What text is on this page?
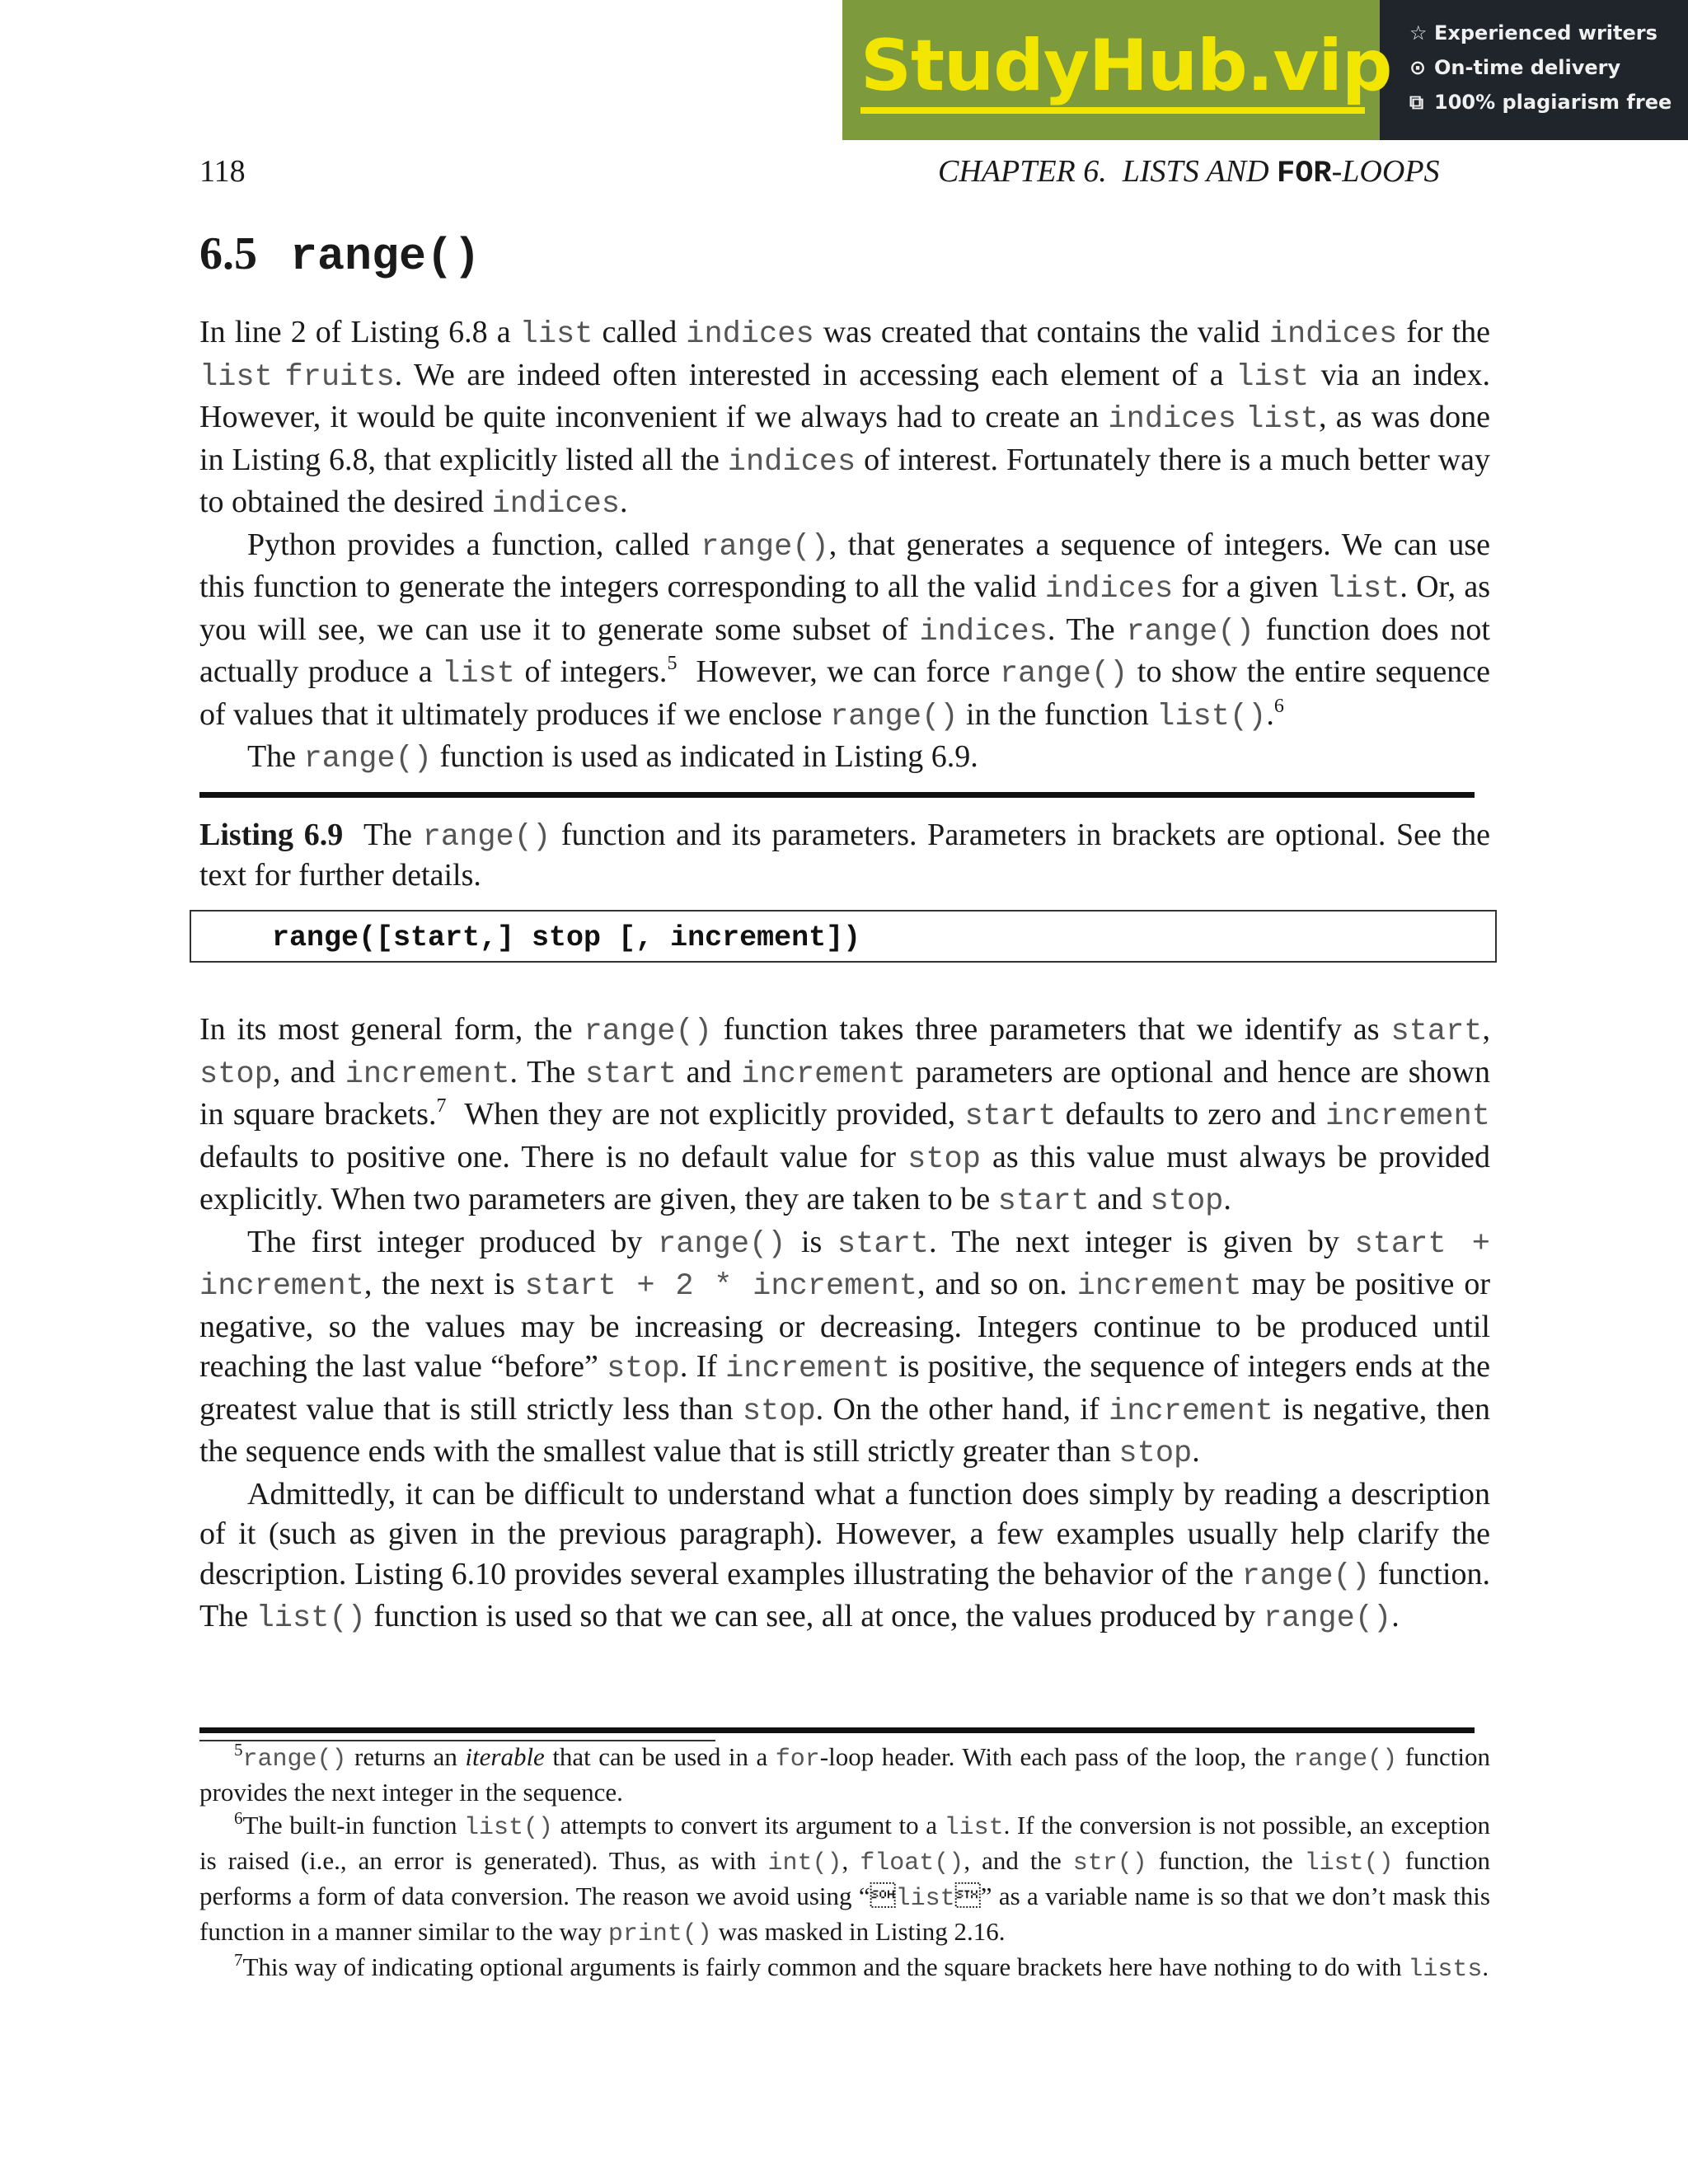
StudyHub.vip ☆ Experienced writers
⊙ On-time delivery
⧉ 100% plagiarism free
118	CHAPTER 6.  LISTS AND FOR-LOOPS
6.5 range()

In line 2 of Listing 6.8 a list called indices was created that contains the valid indices for the list fruits. We are indeed often interested in accessing each element of a list via an index. However, it would be quite inconvenient if we always had to create an indices list, as was done in Listing 6.8, that explicitly listed all the indices of interest. Fortunately there is a much better way to obtained the desired indices.

Python provides a function, called range(), that generates a sequence of integers. We can use this function to generate the integers corresponding to all the valid indices for a given list. Or, as you will see, we can use it to generate some subset of indices. The range() function does not actually produce a list of integers.$^5$  However, we can force range() to show the entire sequence of values that it ultimately produces if we enclose range() in the function list().$^6$

The range() function is used as indicated in Listing 6.9.

Listing 6.9 The range() function and its parameters. Parameters in brackets are optional. See the text for further details.
range([start,] stop [, increment])

In its most general form, the range() function takes three parameters that we identify as start, stop, and increment. The start and increment parameters are optional and hence are shown in square brackets.$^7$  When they are not explicitly provided, start defaults to zero and increment defaults to positive one. There is no default value for stop as this value must always be provided explicitly. When two parameters are given, they are taken to be start and stop.

The first integer produced by range() is start. The next integer is given by start + increment, the next is start + 2 * increment, and so on. increment may be positive or negative, so the values may be increasing or decreasing. Integers continue to be produced until reaching the last value “before” stop. If increment is positive, the sequence of integers ends at the greatest value that is still strictly less than stop. On the other hand, if increment is negative, then the sequence ends with the smallest value that is still strictly greater than stop.

Admittedly, it can be difficult to understand what a function does simply by reading a description of it (such as given in the previous paragraph). However, a few examples usually help clarify the description. Listing 6.10 provides several examples illustrating the behavior of the range() function. The list() function is used so that we can see, all at once, the values produced by range().

$^5$range() returns an iterable that can be used in a for-loop header. With each pass of the loop, the range() function provides the next integer in the sequence.

$^6$The built-in function list() attempts to convert its argument to a list. If the conversion is not possible, an exception is raised (i.e., an error is generated). Thus, as with int(), float(), and the str() function, the list() function performs a form of data conversion. The reason we avoid using “list” as a variable name is so that we don’t mask this function in a manner similar to the way print() was masked in Listing 2.16.

$^7$This way of indicating optional arguments is fairly common and the square brackets here have nothing to do with lists.
